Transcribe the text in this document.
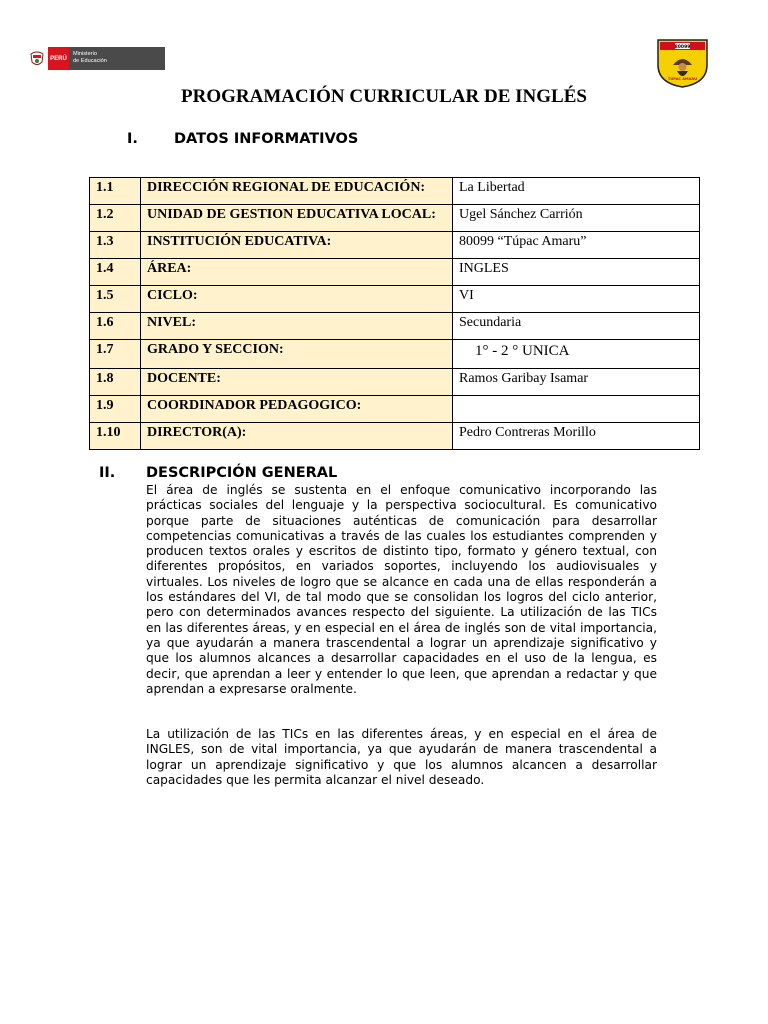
PERÚ
Ministerio
de Educación
80099
TÚPAC AMARU
PROGRAMACIÓN CURRICULAR DE INGLÉS
I. DATOS INFORMATIVOS
1.1	DIRECCIÓN REGIONAL DE EDUCACIÓN:	La Libertad
1.2	UNIDAD DE GESTION EDUCATIVA LOCAL:	Ugel Sánchez Carrión
1.3	INSTITUCIÓN EDUCATIVA:	80099 “Túpac Amaru”
1.4	ÁREA:	INGLES
1.5	CICLO:	VI
1.6	NIVEL:	Secundaria
1.7	GRADO Y SECCION:	1° - 2 ° UNICA
1.8	DOCENTE:	Ramos Garibay Isamar
1.9	COORDINADOR PEDAGOGICO:	
1.10	DIRECTOR(A):	Pedro Contreras Morillo
II. DESCRIPCIÓN GENERAL
El área de inglés se sustenta en el enfoque comunicativo incorporando las prácticas sociales del lenguaje y la perspectiva sociocultural. Es comunicativo porque parte de situaciones auténticas de comunicación para desarrollar competencias comunicativas a través de las cuales los estudiantes comprenden y producen textos orales y escritos de distinto tipo, formato y género textual, con diferentes propósitos, en variados soportes, incluyendo los audiovisuales y virtuales. Los niveles de logro que se alcance en cada una de ellas responderán a los estándares del VI, de tal modo que se consolidan los logros del ciclo anterior, pero con determinados avances respecto del siguiente. La utilización de las TICs en las diferentes áreas, y en especial en el área de inglés son de vital importancia, ya que ayudarán a manera trascendental a lograr un aprendizaje significativo y que los alumnos alcances a desarrollar capacidades en el uso de la lengua, es decir, que aprendan a leer y entender lo que leen, que aprendan a redactar y que aprendan a expresarse oralmente.
La utilización de las TICs en las diferentes áreas, y en especial en el área de INGLES, son de vital importancia, ya que ayudarán de manera trascendental a lograr un aprendizaje significativo y que los alumnos alcancen a desarrollar capacidades que les permita alcanzar el nivel deseado.
